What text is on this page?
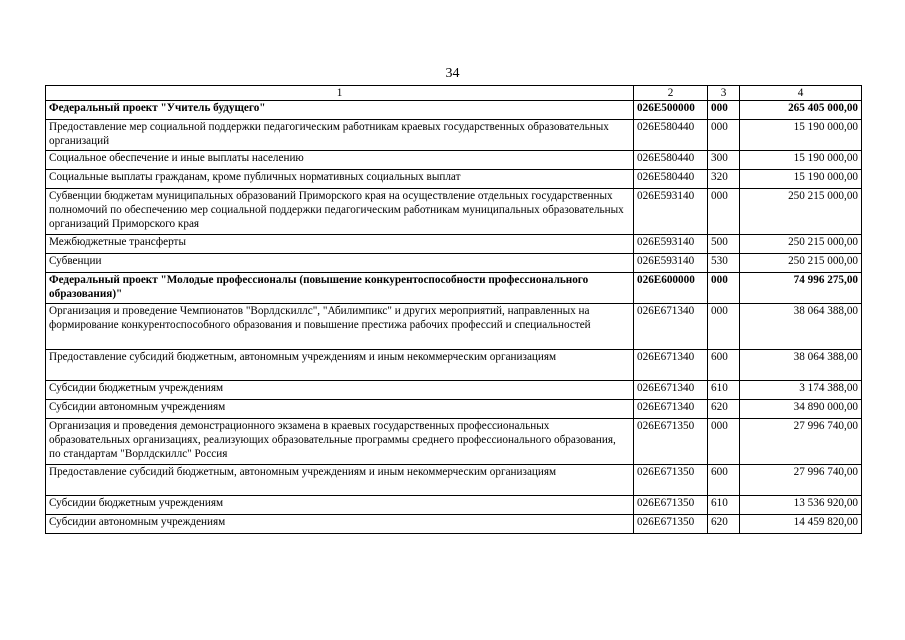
34
1	2	3	4
Федеральный проект "Учитель будущего"	026E500000	000	265 405 000,00
Предоставление мер социальной поддержки педагогическим работникам краевых государственных образовательных организаций	026E580440	000	15 190 000,00
Социальное обеспечение и иные выплаты населению	026E580440	300	15 190 000,00
Социальные выплаты гражданам, кроме публичных нормативных социальных выплат	026E580440	320	15 190 000,00
Субвенции бюджетам муниципальных образований Приморского края на осуществление отдельных государственных полномочий по обеспечению мер социальной поддержки педагогическим работникам муниципальных образовательных организаций Приморского края	026E593140	000	250 215 000,00
Межбюджетные трансферты	026E593140	500	250 215 000,00
Субвенции	026E593140	530	250 215 000,00
Федеральный проект "Молодые профессионалы (повышение конкурентоспособности профессионального образования)"	026E600000	000	74 996 275,00
Организация и проведение Чемпионатов "Ворлдскиллс", "Абилимпикс" и других мероприятий, направленных на формирование конкурентоспособного образования и повышение престижа рабочих профессий и специальностей	026E671340	000	38 064 388,00
Предоставление субсидий бюджетным, автономным учреждениям и иным некоммерческим организациям	026E671340	600	38 064 388,00
Субсидии бюджетным учреждениям	026E671340	610	3 174 388,00
Субсидии автономным учреждениям	026E671340	620	34 890 000,00
Организация и проведения демонстрационного экзамена в краевых государственных профессиональных образовательных организациях, реализующих образовательные программы среднего профессионального образования, по стандартам "Ворлдскиллс" Россия	026E671350	000	27 996 740,00
Предоставление субсидий бюджетным, автономным учреждениям и иным некоммерческим организациям	026E671350	600	27 996 740,00
Субсидии бюджетным учреждениям	026E671350	610	13 536 920,00
Субсидии автономным учреждениям	026E671350	620	14 459 820,00
